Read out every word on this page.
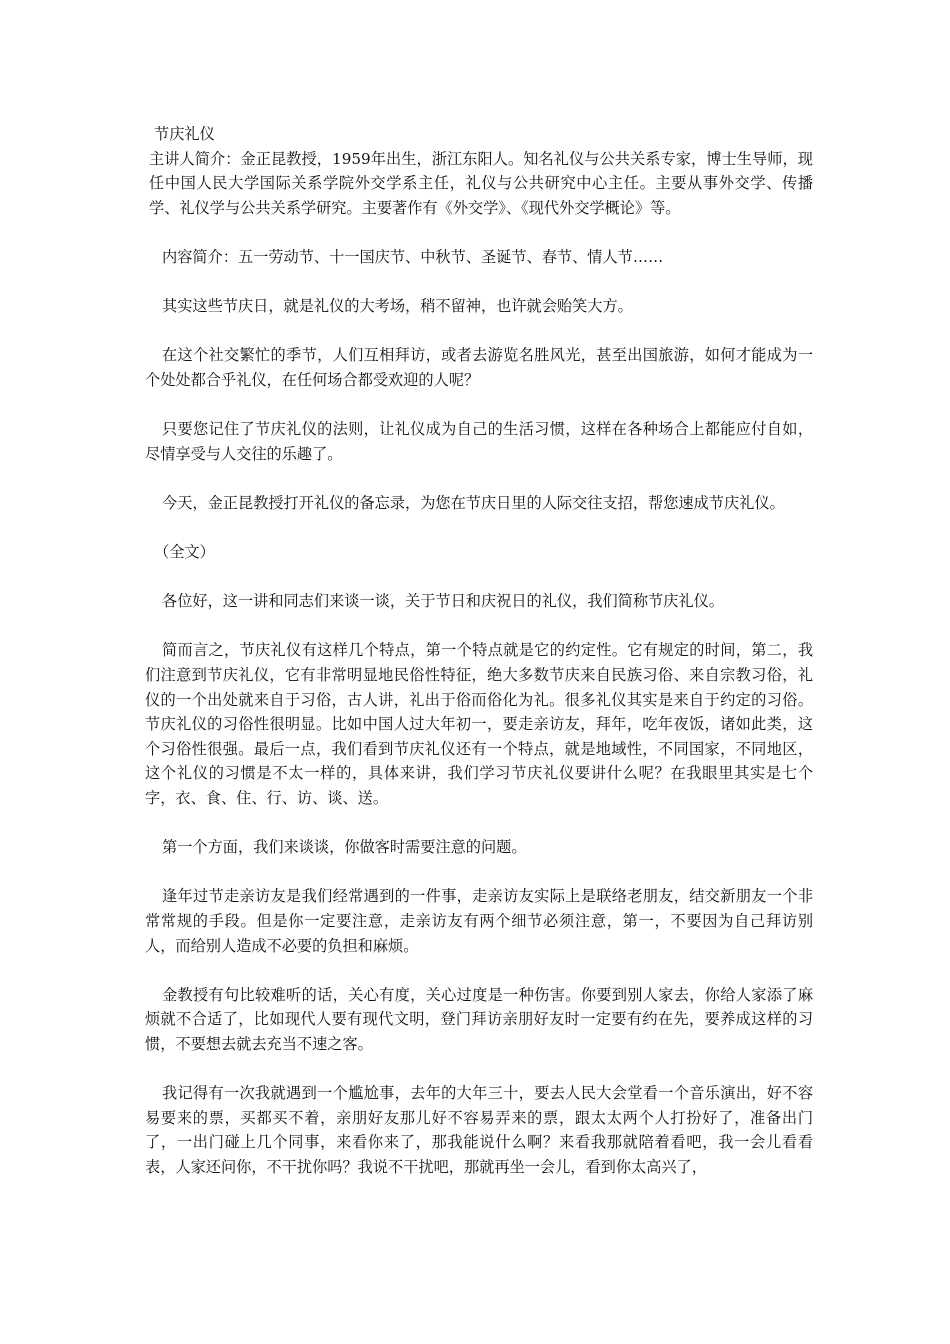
节庆礼仪

主讲人简介：金正昆教授，1959年出生，浙江东阳人。知名礼仪与公共关系专家，博士生导师，现任中国人民大学国际关系学院外交学系主任，礼仪与公共研究中心主任。主要从事外交学、传播学、礼仪学与公共关系学研究。主要著作有《外交学》、《现代外交学概论》等。

内容简介：五一劳动节、十一国庆节、中秋节、圣诞节、春节、情人节……

其实这些节庆日，就是礼仪的大考场，稍不留神，也许就会贻笑大方。

在这个社交繁忙的季节，人们互相拜访，或者去游览名胜风光，甚至出国旅游，如何才能成为一个处处都合乎礼仪，在任何场合都受欢迎的人呢？

只要您记住了节庆礼仪的法则，让礼仪成为自己的生活习惯，这样在各种场合上都能应付自如，尽情享受与人交往的乐趣了。

今天，金正昆教授打开礼仪的备忘录，为您在节庆日里的人际交往支招，帮您速成节庆礼仪。

（全文）

各位好，这一讲和同志们来谈一谈，关于节日和庆祝日的礼仪，我们简称节庆礼仪。

简而言之，节庆礼仪有这样几个特点，第一个特点就是它的约定性。它有规定的时间，第二，我们注意到节庆礼仪，它有非常明显地民俗性特征，绝大多数节庆来自民族习俗、来自宗教习俗，礼仪的一个出处就来自于习俗，古人讲，礼出于俗而俗化为礼。很多礼仪其实是来自于约定的习俗。节庆礼仪的习俗性很明显。比如中国人过大年初一，要走亲访友，拜年，吃年夜饭，诸如此类，这个习俗性很强。最后一点，我们看到节庆礼仪还有一个特点，就是地域性，不同国家，不同地区，这个礼仪的习惯是不太一样的，具体来讲，我们学习节庆礼仪要讲什么呢？在我眼里其实是七个字，衣、食、住、行、访、谈、送。

第一个方面，我们来谈谈，你做客时需要注意的问题。

逢年过节走亲访友是我们经常遇到的一件事，走亲访友实际上是联络老朋友，结交新朋友一个非常常规的手段。但是你一定要注意，走亲访友有两个细节必须注意，第一，不要因为自己拜访别人，而给别人造成不必要的负担和麻烦。

金教授有句比较难听的话，关心有度，关心过度是一种伤害。你要到别人家去，你给人家添了麻烦就不合适了，比如现代人要有现代文明，登门拜访亲朋好友时一定要有约在先，要养成这样的习惯，不要想去就去充当不速之客。

我记得有一次我就遇到一个尴尬事，去年的大年三十，要去人民大会堂看一个音乐演出，好不容易要来的票，买都买不着，亲朋好友那儿好不容易弄来的票，跟太太两个人打扮好了，准备出门了，一出门碰上几个同事，来看你来了，那我能说什么啊？来看我那就陪着看吧，我一会儿看看表，人家还问你，不干扰你吗？我说不干扰吧，那就再坐一会儿，看到你太高兴了，
